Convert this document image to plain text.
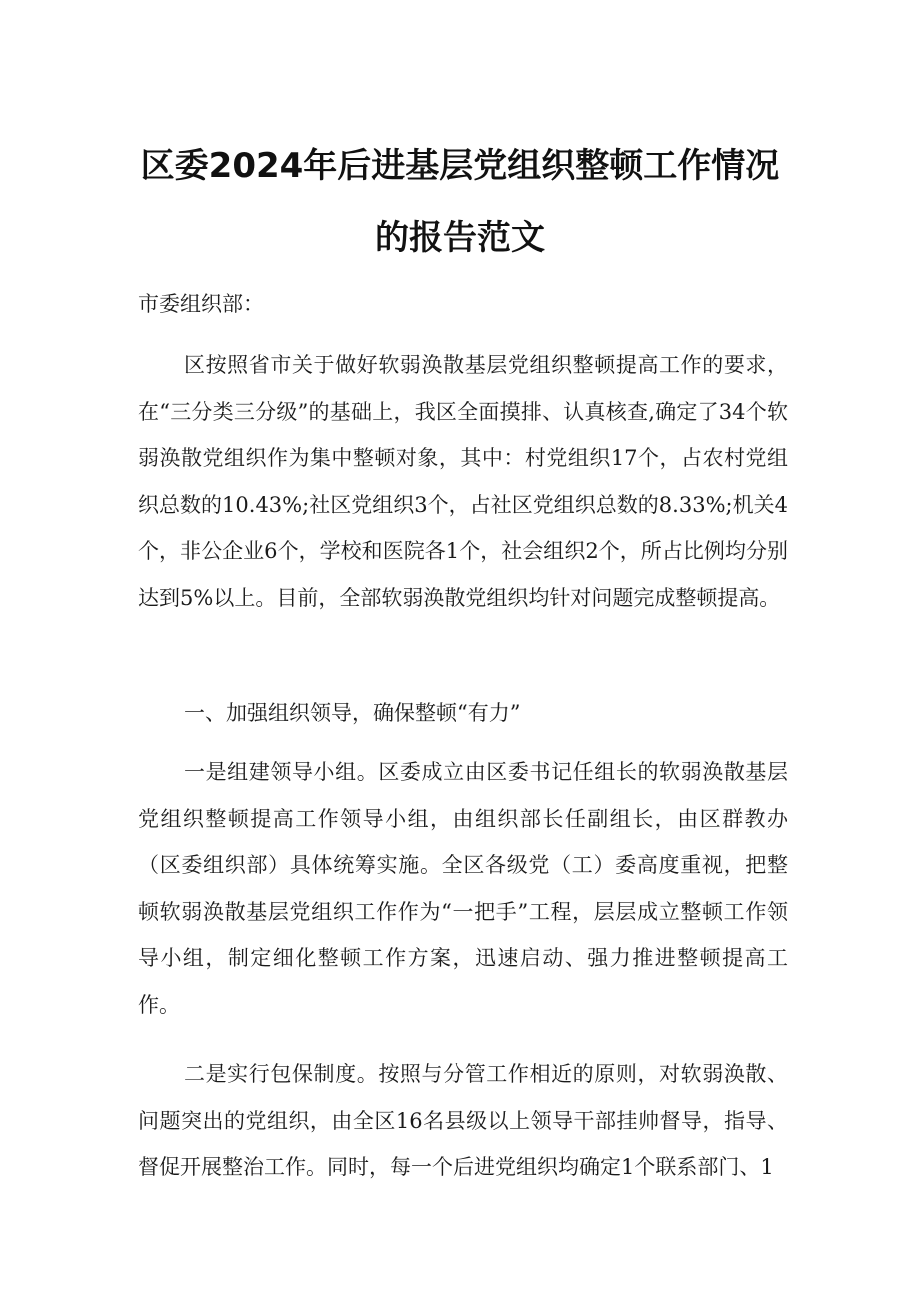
区委2024年后进基层党组织整顿工作情况
的报告范文
市委组织部：

区按照省市关于做好软弱涣散基层党组织整顿提高工作的要求，在“三分类三分级”的基础上，我区全面摸排、认真核查,确定了34个软弱涣散党组织作为集中整顿对象，其中：村党组织17个，占农村党组织总数的10.43%;社区党组织3个，占社区党组织总数的8.33%;机关4个，非公企业6个，学校和医院各1个，社会组织2个，所占比例均分别达到5%以上。目前，全部软弱涣散党组织均针对问题完成整顿提高。

一、加强组织领导，确保整顿“有力”

一是组建领导小组。区委成立由区委书记任组长的软弱涣散基层党组织整顿提高工作领导小组，由组织部长任副组长，由区群教办（区委组织部）具体统筹实施。全区各级党（工）委高度重视，把整顿软弱涣散基层党组织工作作为“一把手”工程，层层成立整顿工作领导小组，制定细化整顿工作方案，迅速启动、强力推进整顿提高工作。

二是实行包保制度。按照与分管工作相近的原则，对软弱涣散、问题突出的党组织，由全区16名县级以上领导干部挂帅督导，指导、督促开展整治工作。同时，每一个后进党组织均确定1个联系部门、1
